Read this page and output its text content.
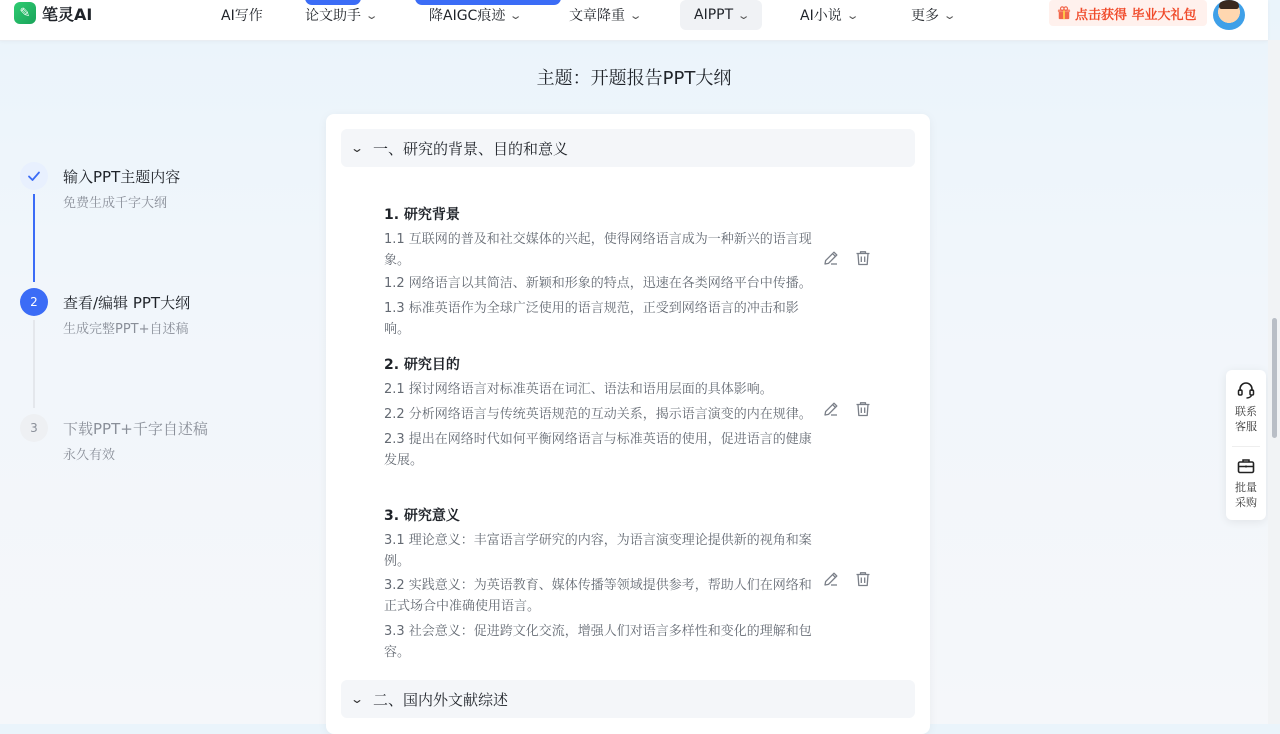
✎ 笔灵AI	AI写作	论文助手 ⌄	降AIGC痕迹 ⌄	文章降重 ⌄	AIPPT ⌄	AI小说 ⌄	更多 ⌄	点击获得 毕业大礼包
主题：开题报告PPT大纲
输入PPT主题内容
免费生成千字大纲
2	查看/编辑 PPT大纲
生成完整PPT+自述稿
3	下载PPT+千字自述稿
永久有效
⌄ 一、研究的背景、目的和意义
1. 研究背景
1.1 互联网的普及和社交媒体的兴起，使得网络语言成为一种新兴的语言现象。
1.2 网络语言以其简洁、新颖和形象的特点，迅速在各类网络平台中传播。
1.3 标准英语作为全球广泛使用的语言规范，正受到网络语言的冲击和影响。
2. 研究目的
2.1 探讨网络语言对标准英语在词汇、语法和语用层面的具体影响。
2.2 分析网络语言与传统英语规范的互动关系，揭示语言演变的内在规律。
2.3 提出在网络时代如何平衡网络语言与标准英语的使用，促进语言的健康发展。
3. 研究意义
3.1 理论意义：丰富语言学研究的内容，为语言演变理论提供新的视角和案例。
3.2 实践意义：为英语教育、媒体传播等领域提供参考，帮助人们在网络和正式场合中准确使用语言。
3.3 社会意义：促进跨文化交流，增强人们对语言多样性和变化的理解和包容。
⌄ 二、国内外文献综述
联系客服
批量采购
